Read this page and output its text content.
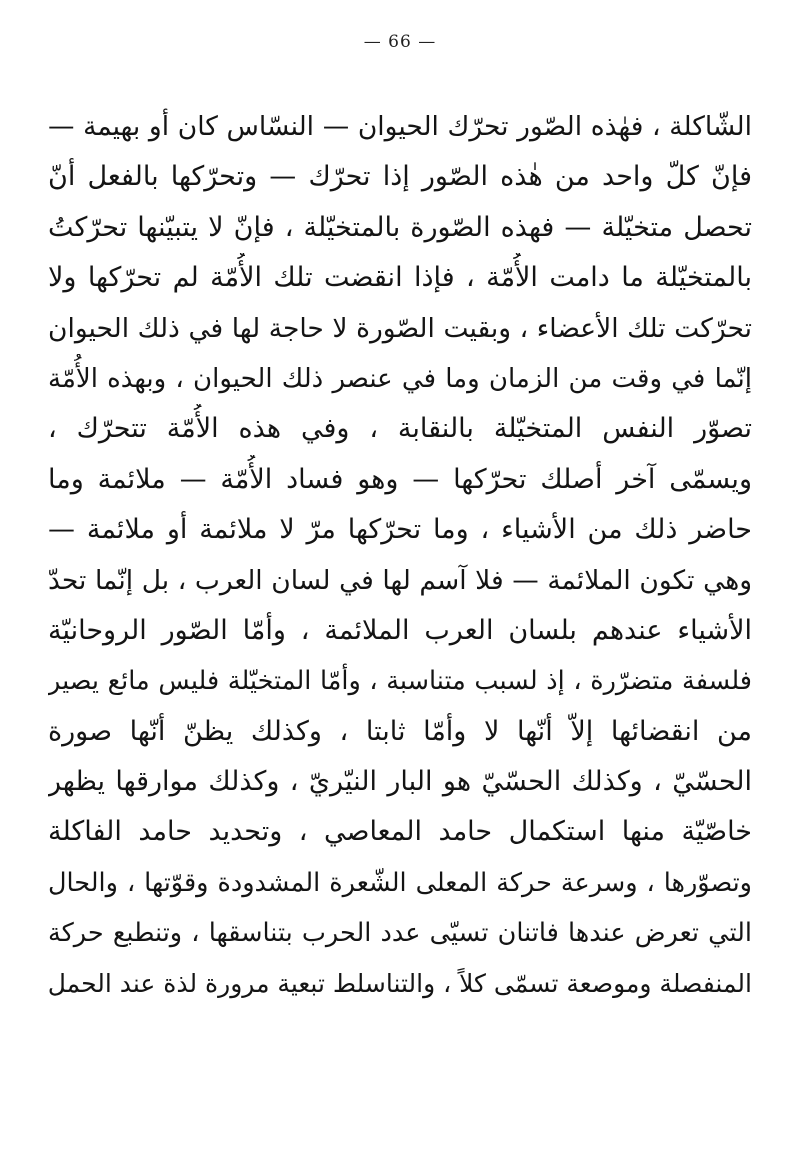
— 66 —
الشّاكلة ، فهٰذه الصّور تحرّك الحيوان — النسّاس كان أو بهيمة —
فإنّ كلّ واحد من هٰذه الصّور إذا تحرّك — وتحرّكها بالفعل أنّ
تحصل متخيّلة — فهذه الصّورة بالمتخيّلة ، فإنّ لا يتبيّنها تحرّكتُ
بالمتخيّلة ما دامت الأُمّة ، فإذا انقضت تلك الأُمّة لم تحرّكها ولا
تحرّكت تلك الأعضاء ، وبقيت الصّورة لا حاجة لها في ذلك الحيوان
إنّما في وقت من الزمان وما في عنصر ذلك الحيوان ، وبهذه الأُمّة
تصوّر النفس المتخيّلة بالنقابة ، وفي هذه الأُمّة تتحرّك ،
ويسمّى آخر أصلك تحرّكها — وهو فساد الأُمّة — ملائمة وما
حاضر ذلك من الأشياء ، وما تحرّكها مرّ لا ملائمة أو ملائمة —
وهي تكون الملائمة — فلا آسم لها في لسان العرب ، بل إنّما تحدّ
الأشياء عندهم بلسان العرب الملائمة ، وأمّا الصّور الروحانيّة
فلسفة متضرّرة ، إذ لسبب متناسبة ، وأمّا المتخيّلة فليس مائع يصير
من انقضائها إلاّ أنّها لا وأمّا ثابتا ، وكذلك يظنّ أنّها صورة
الحسّيّ ، وكذلك الحسّيّ هو البار النيّريّ ، وكذلك موارقها يظهر
خاصّيّة منها استكمال حامد المعاصي ، وتحديد حامد الفاكلة
وتصوّرها ، وسرعة حركة المعلى الشّعرة المشدودة وقوّتها ، والحال
التي تعرض عندها فاتنان تسيّى عدد الحرب بتناسقها ، وتنطبع حركة
المنفصلة وموصعة تسمّى كلاً ، والتناسلط تبعية مرورة لذة عند الحمل
